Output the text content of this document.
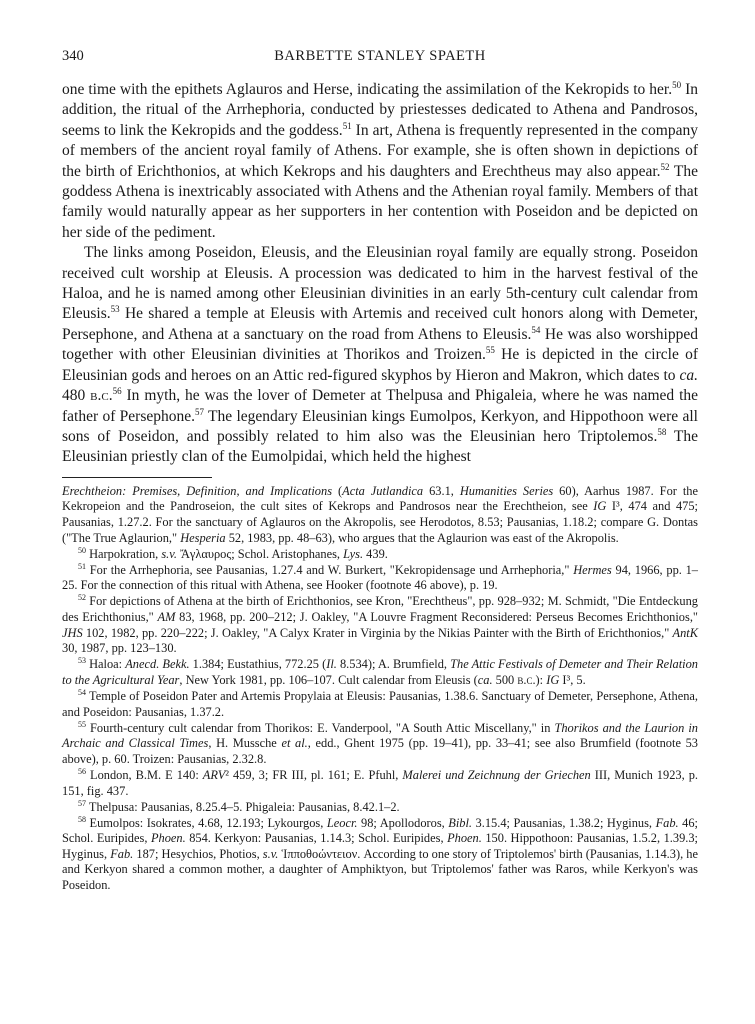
340	BARBETTE STANLEY SPAETH

one time with the epithets Aglauros and Herse, indicating the assimilation of the Kekropids to her.$^{50}$ In addition, the ritual of the Arrhephoria, conducted by priestesses dedicated to Athena and Pandrosos, seems to link the Kekropids and the goddess.$^{51}$ In art, Athena is frequently represented in the company of members of the ancient royal family of Athens. For example, she is often shown in depictions of the birth of Erichthonios, at which Kekrops and his daughters and Erechtheus may also appear.$^{52}$ The goddess Athena is inextricably associated with Athens and the Athenian royal family. Members of that family would naturally appear as her supporters in her contention with Poseidon and be depicted on her side of the pediment.

The links among Poseidon, Eleusis, and the Eleusinian royal family are equally strong. Poseidon received cult worship at Eleusis. A procession was dedicated to him in the harvest festival of the Haloa, and he is named among other Eleusinian divinities in an early 5th-century cult calendar from Eleusis.$^{53}$ He shared a temple at Eleusis with Artemis and received cult honors along with Demeter, Persephone, and Athena at a sanctuary on the road from Athens to Eleusis.$^{54}$ He was also worshipped together with other Eleusinian divinities at Thorikos and Troizen.$^{55}$ He is depicted in the circle of Eleusinian gods and heroes on an Attic red-figured skyphos by Hieron and Makron, which dates to ca. 480 b.c.$^{56}$ In myth, he was the lover of Demeter at Thelpusa and Phigaleia, where he was named the father of Persephone.$^{57}$ The legendary Eleusinian kings Eumolpos, Kerkyon, and Hippothoon were all sons of Poseidon, and possibly related to him also was the Eleusinian hero Triptolemos.$^{58}$ The Eleusinian priestly clan of the Eumolpidai, which held the highest

Erechtheion: Premises, Definition, and Implications (Acta Jutlandica 63.1, Humanities Series 60), Aarhus 1987. For the Kekropeion and the Pandroseion, the cult sites of Kekrops and Pandrosos near the Erechtheion, see IG I³, 474 and 475; Pausanias, 1.27.2. For the sanctuary of Aglauros on the Akropolis, see Herodotos, 8.53; Pausanias, 1.18.2; compare G. Dontas ("The True Aglaurion," Hesperia 52, 1983, pp. 48–63), who argues that the Aglaurion was east of the Akropolis.

$^{50}$ Harpokration, s.v. Ἄγλαυρος; Schol. Aristophanes, Lys. 439.

$^{51}$ For the Arrhephoria, see Pausanias, 1.27.4 and W. Burkert, "Kekropidensage und Arrhephoria," Hermes 94, 1966, pp. 1–25. For the connection of this ritual with Athena, see Hooker (footnote 46 above), p. 19.

$^{52}$ For depictions of Athena at the birth of Erichthonios, see Kron, "Erechtheus", pp. 928–932; M. Schmidt, "Die Entdeckung des Erichthonius," AM 83, 1968, pp. 200–212; J. Oakley, "A Louvre Fragment Reconsidered: Perseus Becomes Erichthonios," JHS 102, 1982, pp. 220–222; J. Oakley, "A Calyx Krater in Virginia by the Nikias Painter with the Birth of Erichthonios," AntK 30, 1987, pp. 123–130.

$^{53}$ Haloa: Anecd. Bekk. 1.384; Eustathius, 772.25 (Il. 8.534); A. Brumfield, The Attic Festivals of Demeter and Their Relation to the Agricultural Year, New York 1981, pp. 106–107. Cult calendar from Eleusis (ca. 500 b.c.): IG I³, 5.

$^{54}$ Temple of Poseidon Pater and Artemis Propylaia at Eleusis: Pausanias, 1.38.6. Sanctuary of Demeter, Persephone, Athena, and Poseidon: Pausanias, 1.37.2.

$^{55}$ Fourth-century cult calendar from Thorikos: E. Vanderpool, "A South Attic Miscellany," in Thorikos and the Laurion in Archaic and Classical Times, H. Mussche et al., edd., Ghent 1975 (pp. 19–41), pp. 33–41; see also Brumfield (footnote 53 above), p. 60. Troizen: Pausanias, 2.32.8.

$^{56}$ London, B.M. E 140: ARV² 459, 3; FR III, pl. 161; E. Pfuhl, Malerei und Zeichnung der Griechen III, Munich 1923, p. 151, fig. 437.

$^{57}$ Thelpusa: Pausanias, 8.25.4–5. Phigaleia: Pausanias, 8.42.1–2.

$^{58}$ Eumolpos: Isokrates, 4.68, 12.193; Lykourgos, Leocr. 98; Apollodoros, Bibl. 3.15.4; Pausanias, 1.38.2; Hyginus, Fab. 46; Schol. Euripides, Phoen. 854. Kerkyon: Pausanias, 1.14.3; Schol. Euripides, Phoen. 150. Hippothoon: Pausanias, 1.5.2, 1.39.3; Hyginus, Fab. 187; Hesychios, Photios, s.v. Ἱπποθοώντειον. According to one story of Triptolemos' birth (Pausanias, 1.14.3), he and Kerkyon shared a common mother, a daughter of Amphiktyon, but Triptolemos' father was Raros, while Kerkyon's was Poseidon.
